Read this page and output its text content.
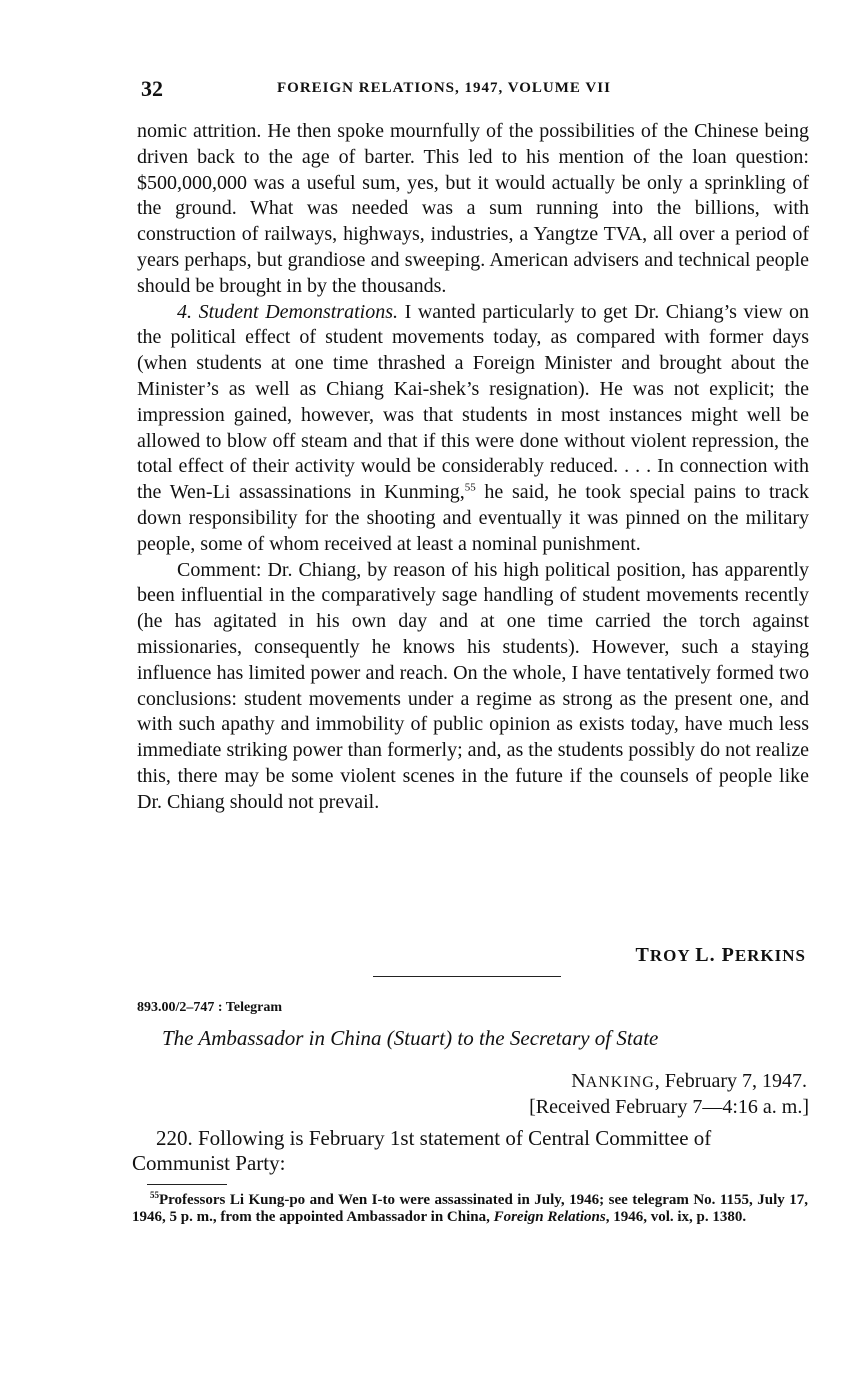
32	FOREIGN RELATIONS, 1947, VOLUME VII

nomic attrition. He then spoke mournfully of the possibilities of the Chinese being driven back to the age of barter. This led to his mention of the loan question: $500,000,000 was a useful sum, yes, but it would actually be only a sprinkling of the ground. What was needed was a sum running into the billions, with construction of railways, highways, industries, a Yangtze TVA, all over a period of years perhaps, but grandiose and sweeping. American advisers and technical people should be brought in by the thousands.

4. Student Demonstrations. I wanted particularly to get Dr. Chiang’s view on the political effect of student movements today, as compared with former days (when students at one time thrashed a Foreign Minister and brought about the Minister’s as well as Chiang Kai-shek’s resignation). He was not explicit; the impression gained, however, was that students in most instances might well be allowed to blow off steam and that if this were done without violent repression, the total effect of their activity would be considerably reduced. . . . In connection with the Wen-Li assassinations in Kunming,$^{55}$ he said, he took special pains to track down responsibility for the shooting and eventually it was pinned on the military people, some of whom received at least a nominal punishment.

Comment: Dr. Chiang, by reason of his high political position, has apparently been influential in the comparatively sage handling of student movements recently (he has agitated in his own day and at one time carried the torch against missionaries, consequently he knows his students). However, such a staying influence has limited power and reach. On the whole, I have tentatively formed two conclusions: student movements under a regime as strong as the present one, and with such apathy and immobility of public opinion as exists today, have much less immediate striking power than formerly; and, as the students possibly do not realize this, there may be some violent scenes in the future if the counsels of people like Dr. Chiang should not prevail.

TROY L. PERKINS
893.00/2–747 : Telegram
The Ambassador in China (Stuart) to the Secretary of State
NANKING, February 7, 1947.
[Received February 7—4:16 a. m.]

220. Following is February 1st statement of Central Committee of Communist Party:

$^{55}$Professors Li Kung-po and Wen I-to were assassinated in July, 1946; see telegram No. 1155, July 17, 1946, 5 p. m., from the appointed Ambassador in China, Foreign Relations, 1946, vol. ix, p. 1380.
